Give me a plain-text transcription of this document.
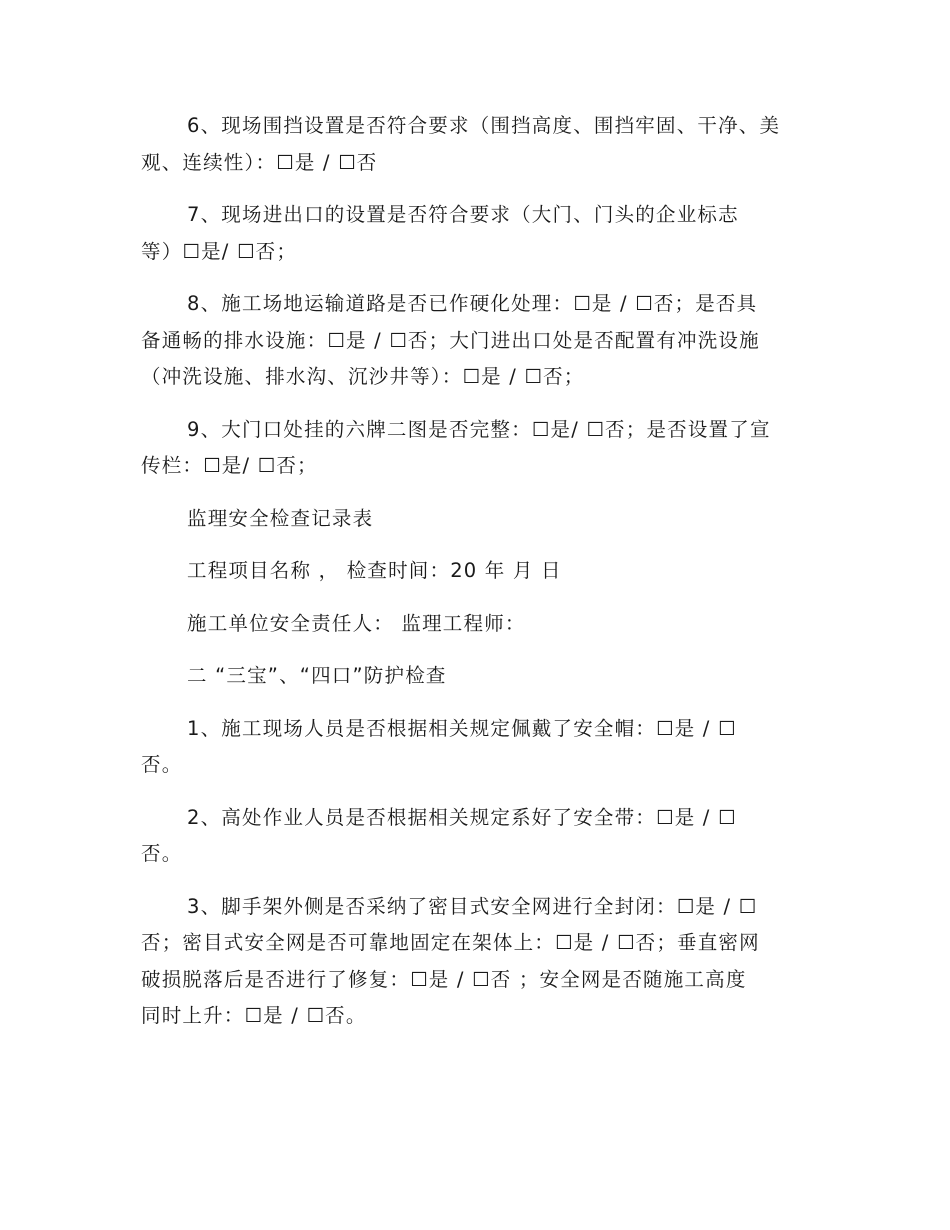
6、现场围挡设置是否符合要求（围挡高度、围挡牢固、干净、美
观、连续性）：☐是 / ☐否

7、现场进出口的设置是否符合要求（大门、门头的企业标志
等）☐是/ ☐否；

8、施工场地运输道路是否已作硬化处理：☐是 / ☐否；是否具
备通畅的排水设施：☐是 / ☐否；大门进出口处是否配置有冲洗设施
（冲洗设施、排水沟、沉沙井等）：☐是 / ☐否；

9、大门口处挂的六牌二图是否完整：☐是/ ☐否；是否设置了宣
传栏：☐是/ ☐否；

监理安全检查记录表

工程项目名称 ， 检查时间：20 年 月 日

施工单位安全责任人： 监理工程师：

二 “三宝”、“四口”防护检查

1、施工现场人员是否根据相关规定佩戴了安全帽：☐是 / ☐
否。

2、高处作业人员是否根据相关规定系好了安全带：☐是 / ☐
否。

3、脚手架外侧是否采纳了密目式安全网进行全封闭：☐是 / ☐
否；密目式安全网是否可靠地固定在架体上：☐是 / ☐否；垂直密网
破损脱落后是否进行了修复：☐是 / ☐否 ；安全网是否随施工高度
同时上升：☐是 / ☐否。
